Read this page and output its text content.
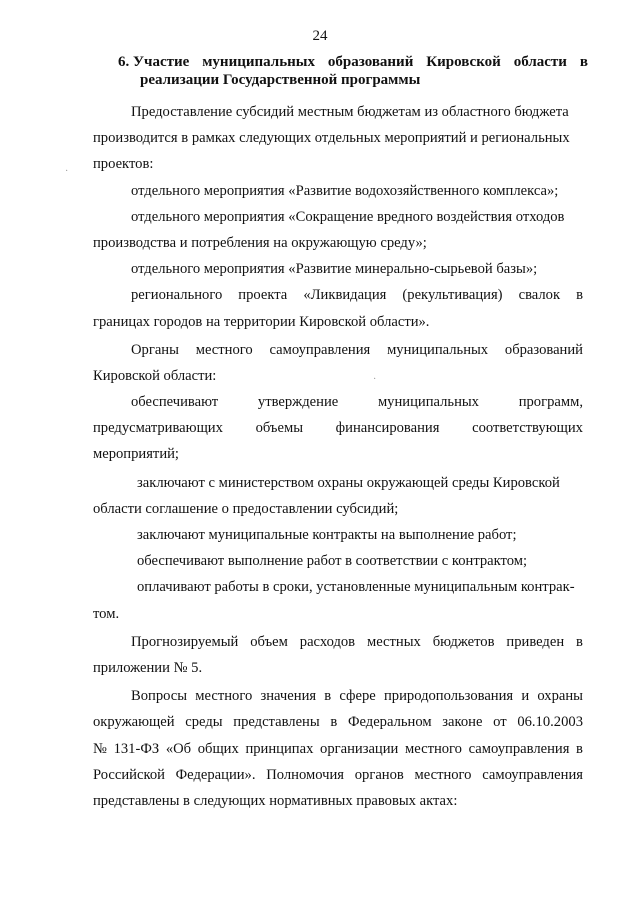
24
6. Участие муниципальных образований Кировской области в
реализации Государственной программы
Предоставление субсидий местным бюджетам из областного бюджета
производится в рамках следующих отдельных мероприятий и региональных
проектов:
отдельного мероприятия «Развитие водохозяйственного комплекса»;
отдельного мероприятия «Сокращение вредного воздействия отходов
производства и потребления на окружающую среду»;
отдельного мероприятия «Развитие минерально-сырьевой базы»;
регионального проекта «Ликвидация (рекультивация) свалок в
границах городов на территории Кировской области».
Органы местного самоуправления муниципальных образований
Кировской области:
обеспечивают	утверждение	муниципальных	программ,
предусматривающих объемы финансирования соответствующих
мероприятий;
заключают с министерством охраны окружающей среды Кировской
области соглашение о предоставлении субсидий;
заключают муниципальные контракты на выполнение работ;
обеспечивают выполнение работ в соответствии с контрактом;
оплачивают работы в сроки, установленные муниципальным контрак-
том.
Прогнозируемый объем расходов местных бюджетов приведен в
приложении № 5.
Вопросы местного значения в сфере природопользования и охраны
окружающей среды представлены в Федеральном законе от 06.10.2003
№ 131-ФЗ «Об общих принципах организации местного самоуправления в
Российской Федерации». Полномочия органов местного самоуправления
представлены в следующих нормативных правовых актах:
·
·
